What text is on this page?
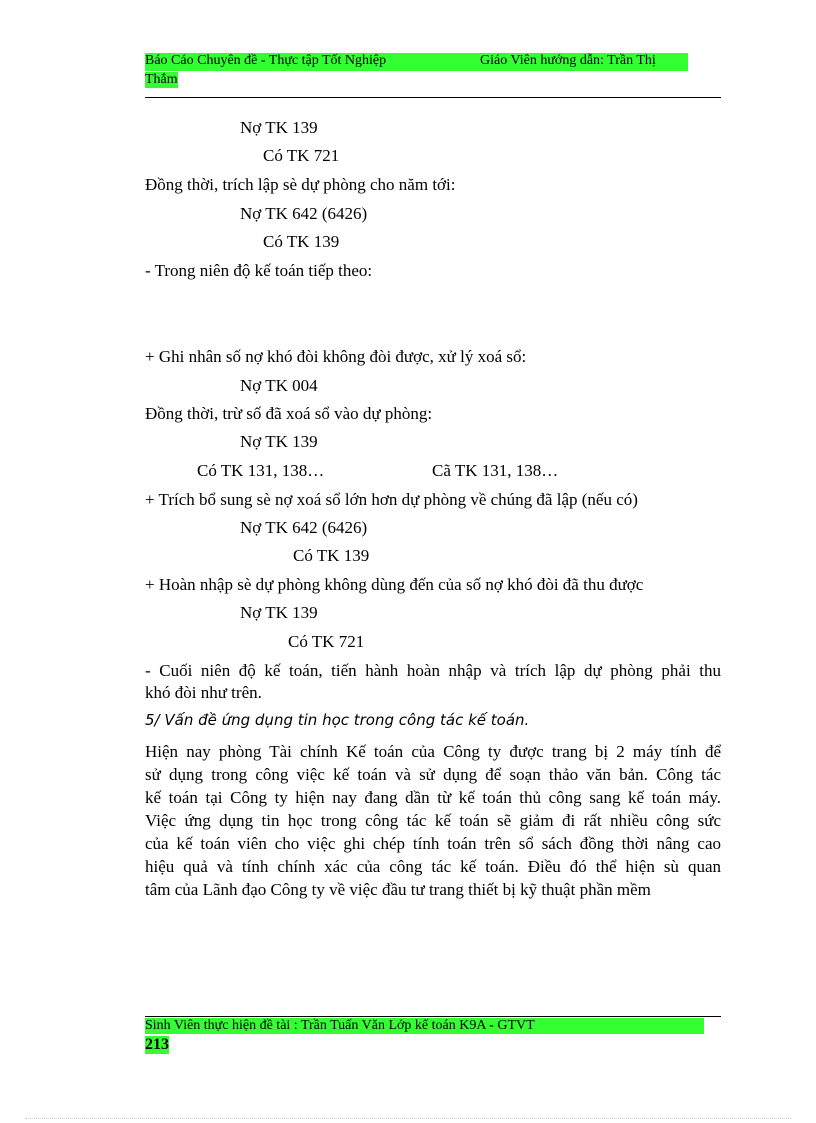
Báo Cáo Chuyên đề - Thực tập Tốt Nghiệp	Giáo Viên hướng dẫn: Trần Thị
Thắm
Nợ TK 139
Có TK 721
Đồng thời, trích lập sè dự phòng cho năm tới:
Nợ TK 642 (6426)
Có TK 139
- Trong niên độ kế toán tiếp theo:
+ Ghi nhân số nợ khó đòi không đòi được, xử lý xoá sổ:
Nợ TK 004
Đồng thời, trừ số đã xoá sổ vào dự phòng:
Nợ TK 139
Có TK 131, 138…	Cã TK 131, 138…
+ Trích bổ sung sè nợ xoá sổ lớn hơn dự phòng về chúng đã lập (nếu có)
Nợ TK 642 (6426)
Có TK 139
+ Hoàn nhập sè dự phòng không dùng đến của số nợ khó đòi đã thu được
Nợ TK 139
Có TK 721
- Cuối niên độ kế toán, tiến hành hoàn nhập và trích lập dự phòng phải thu
khó đòi như trên.
5/ Vấn đề ứng dụng tin học trong công tác kế toán.
Hiện nay phòng Tài chính Kế toán của Công ty được trang bị 2 máy tính để
sử dụng trong công việc kế toán và sử dụng để soạn thảo văn bản. Công tác
kế toán tại Công ty hiện nay đang dần từ kế toán thủ công sang kế toán máy.
Việc ứng dụng tin học trong công tác kế toán sẽ giảm đi rất nhiều công sức
của kế toán viên cho việc ghi chép tính toán trên sổ sách đồng thời nâng cao
hiệu quả và tính chính xác của công tác kế toán. Điều đó thể hiện sù quan
tâm của Lãnh đạo Công ty về việc đầu tư trang thiết bị kỹ thuật phần mềm
Sinh Viên thực hiện đề tài : Trần Tuấn Văn Lớp kế toán K9A - GTVT
213
